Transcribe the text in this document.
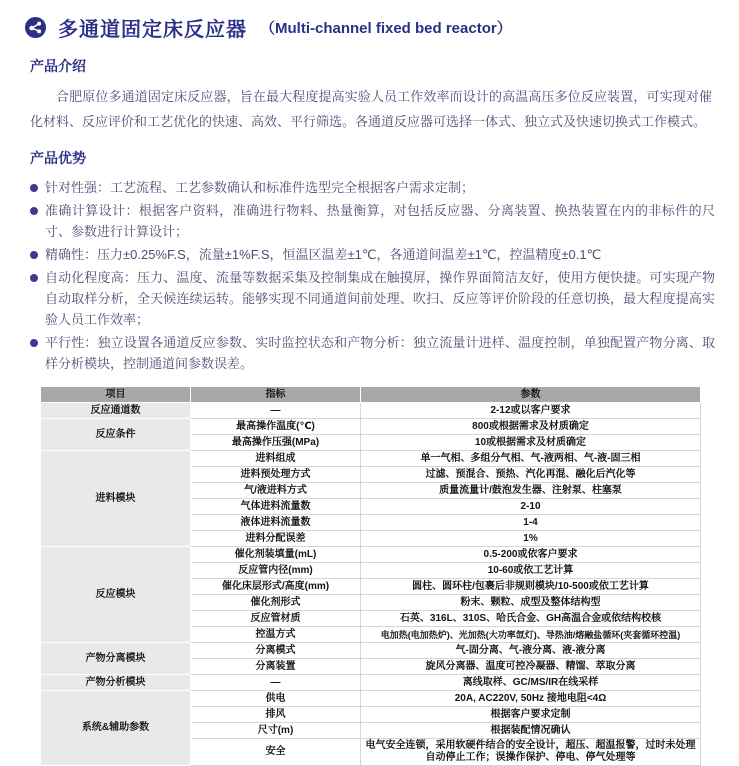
多通道固定床反应器 （Multi-channel fixed bed reactor）
产品介绍

合肥原位多通道固定床反应器，旨在最大程度提高实验人员工作效率而设计的高温高压多位反应装置，可实现对催化材料、反应评价和工艺优化的快速、高效、平行筛选。各通道反应器可选择一体式、独立式及快速切换式工作模式。

产品优势
针对性强：工艺流程、工艺参数确认和标准件选型完全根据客户需求定制；
准确计算设计：根据客户资料，准确进行物料、热量衡算，对包括反应器、分离装置、换热装置在内的非标件的尺寸、参数进行计算设计；
精确性：压力±0.25%F.S，流量±1%F.S，恒温区温差±1℃，各通道间温差±1℃，控温精度±0.1℃
自动化程度高：压力、温度、流量等数据采集及控制集成在触摸屏，操作界面简洁友好，使用方便快捷。可实现产物自动取样分析，全天候连续运转。能够实现不同通道间前处理、吹扫、反应等评价阶段的任意切换，最大程度提高实验人员工作效率；
平行性：独立设置各通道反应参数、实时监控状态和产物分析：独立流量计进样、温度控制，单独配置产物分离、取样分析模块，控制通道间参数误差。
项目	指标	参数
反应通道数	—	2-12或以客户要求
反应条件	最高操作温度(℃)	800或根据需求及材质确定
	最高操作压强(MPa)	10或根据需求及材质确定
进料模块	进料组成	单一气相、多组分气相、气-液两相、气-液-固三相
	进料预处理方式	过滤、预混合、预热、汽化再混、融化后汽化等
	气/液进料方式	质量流量计/鼓泡发生器、注射泵、柱塞泵
	气体进料流量数	2-10
	液体进料流量数	1-4
	进料分配误差	1%
反应模块	催化剂装填量(mL)	0.5-200或依客户要求
	反应管内径(mm)	10-60或依工艺计算
	催化床层形式/高度(mm)	圆柱、圆环柱/包裹后非规则模块/10-500或依工艺计算
	催化剂形式	粉末、颗粒、成型及整体结构型
	反应管材质	石英、316L、310S、哈氏合金、GH高温合金或依结构校核
	控温方式	电加热(电加热炉)、光加热(大功率氙灯)、导热油/熔融盐循环(夹套循环控温)
产物分离模块	分离模式	气-固分离、气-液分离、液-液分离
	分离装置	旋风分离器、温度可控冷凝器、精馏、萃取分离
产物分析模块	—	离线取样、GC/MS/IR在线采样
系统&辅助参数	供电	20A, AC220V, 50Hz 接地电阻<4Ω
	排风	根据客户要求定制
	尺寸(m)	根据装配情况确认
	安全	电气安全连锁，采用软硬件结合的安全设计，超压、超温报警，过时未处理自动停止工作；误操作保护、停电、停气处理等
